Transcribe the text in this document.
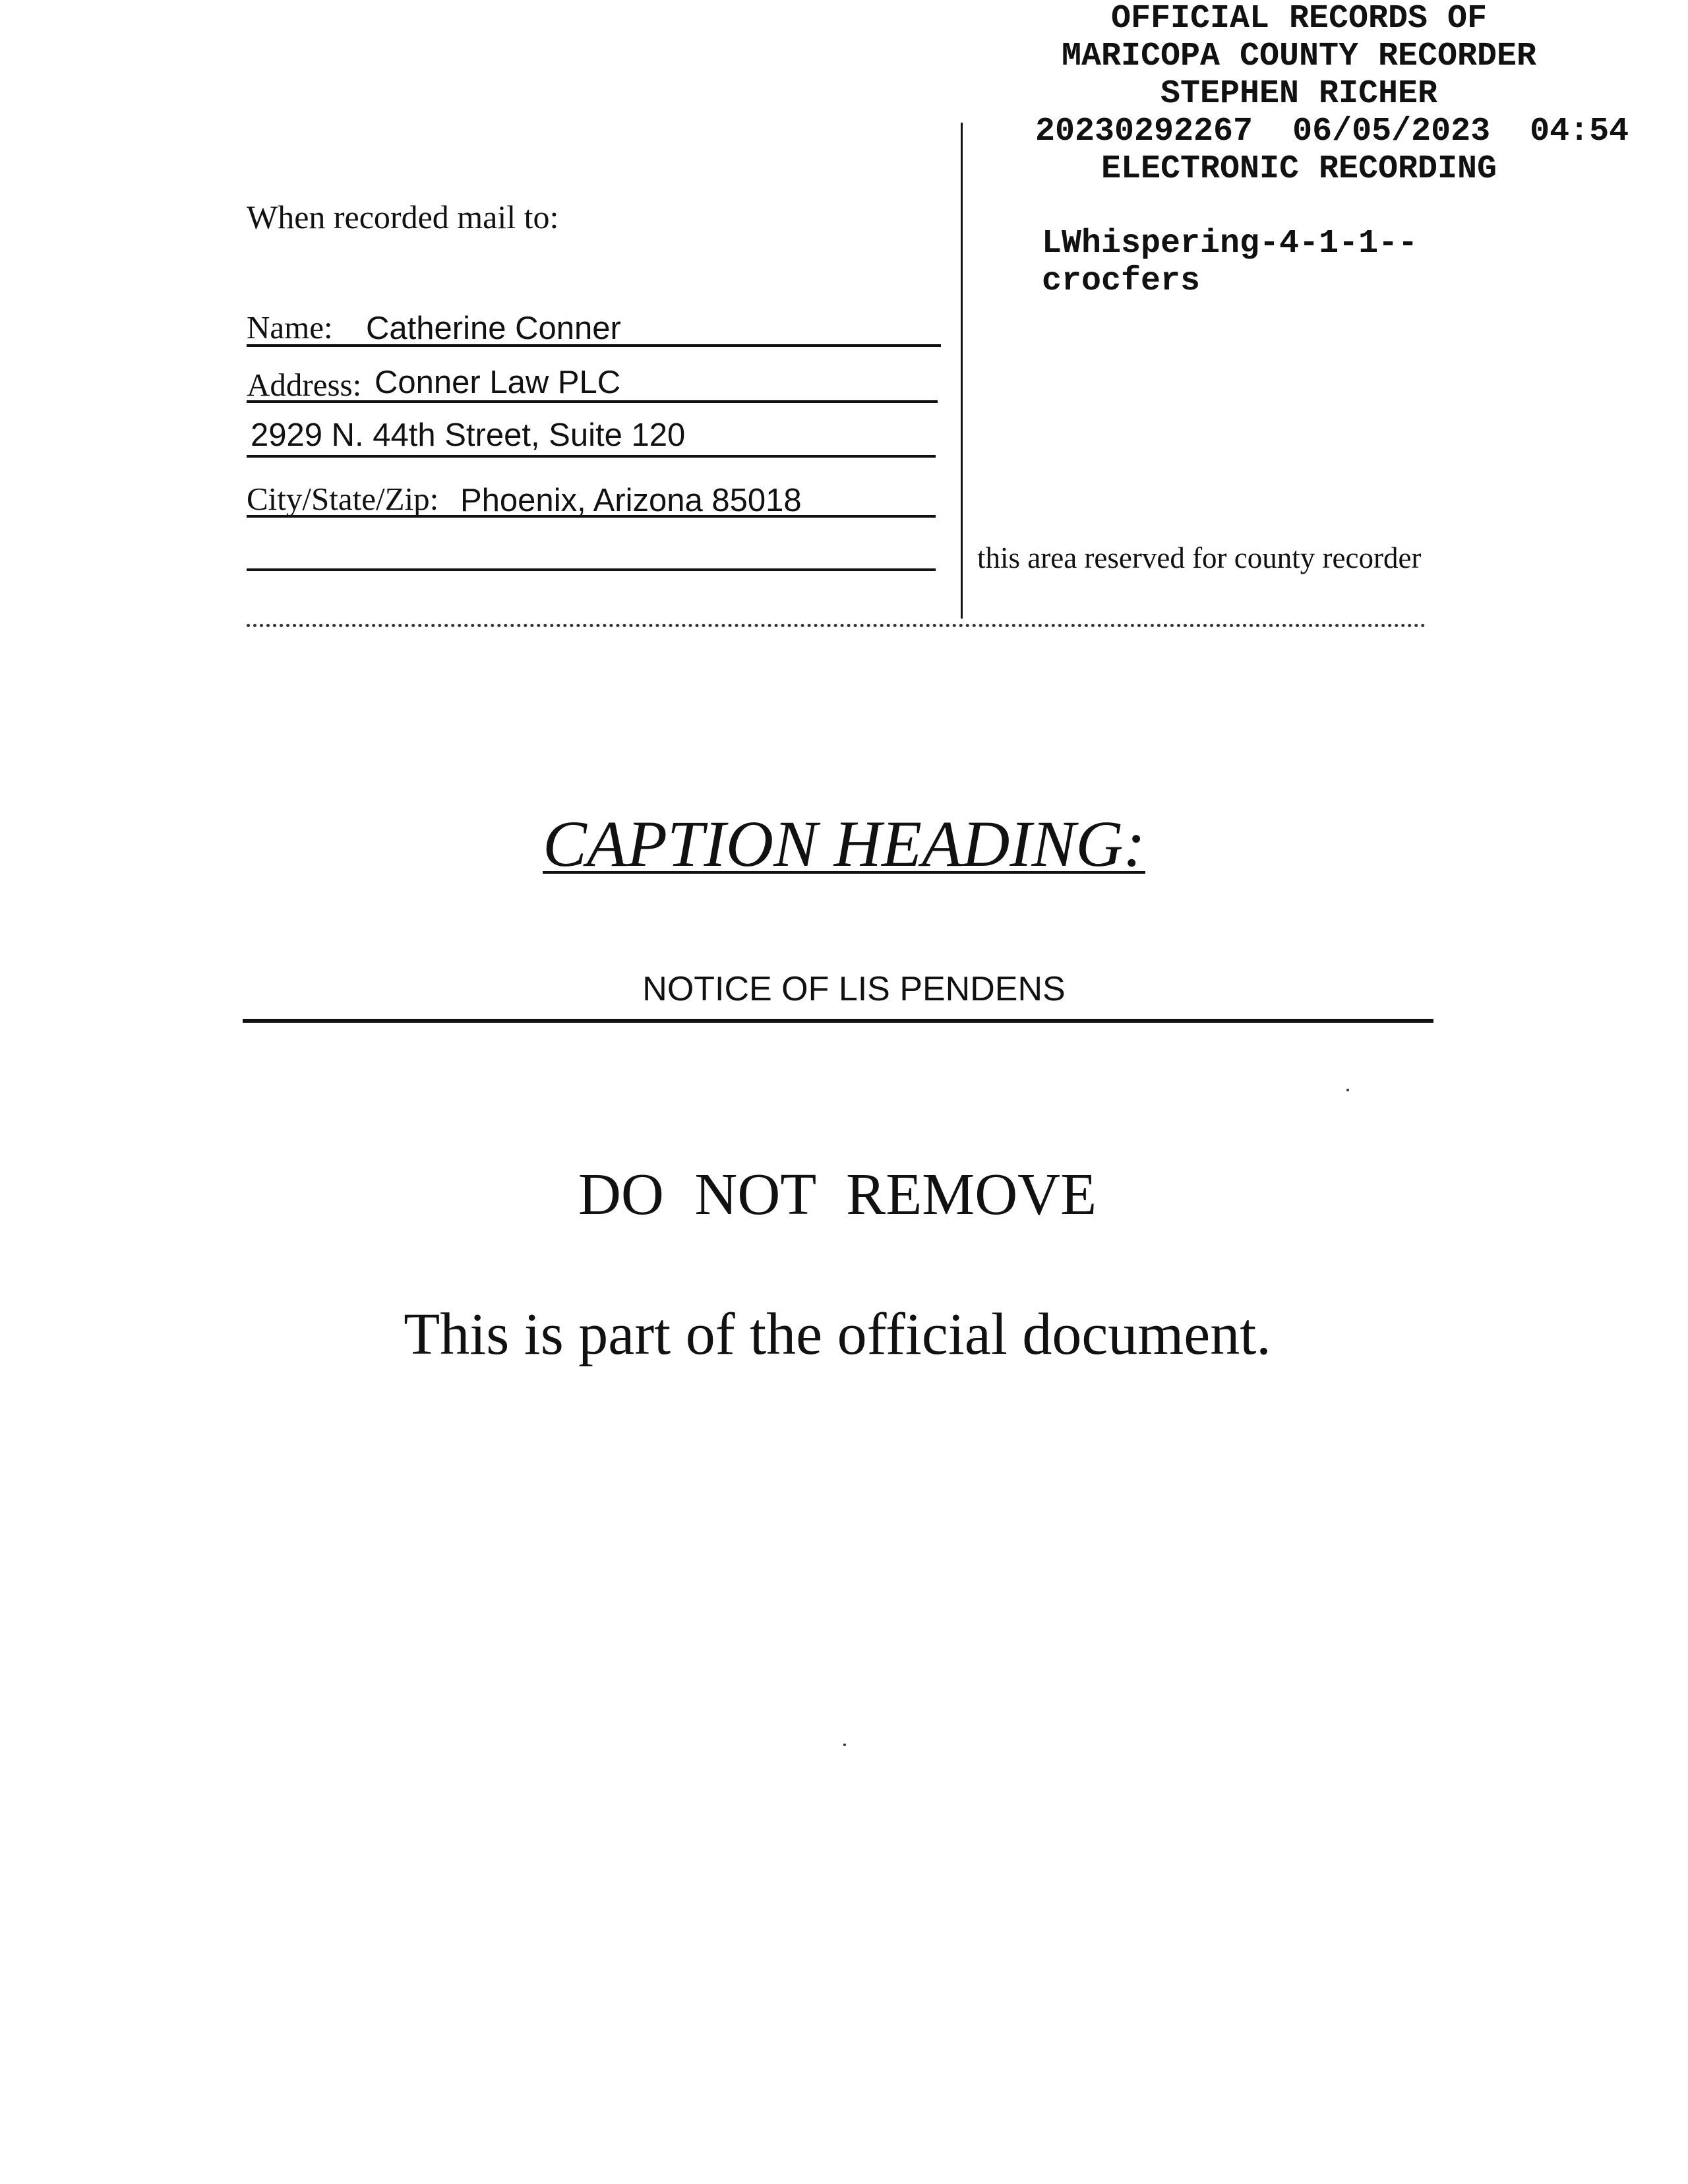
OFFICIAL RECORDS OF
MARICOPA COUNTY RECORDER
STEPHEN RICHER
20230292267 06/05/2023 04:54
ELECTRONIC RECORDING
LWhispering-4-1-1--
crocfers
When recorded mail to:
Name: Catherine Conner
Address: Conner Law PLC
2929 N. 44th Street, Suite 120
City/State/Zip: Phoenix, Arizona 85018
this area reserved for county recorder
CAPTION HEADING:
NOTICE OF LIS PENDENS
DO NOT REMOVE
This is part of the official document.
